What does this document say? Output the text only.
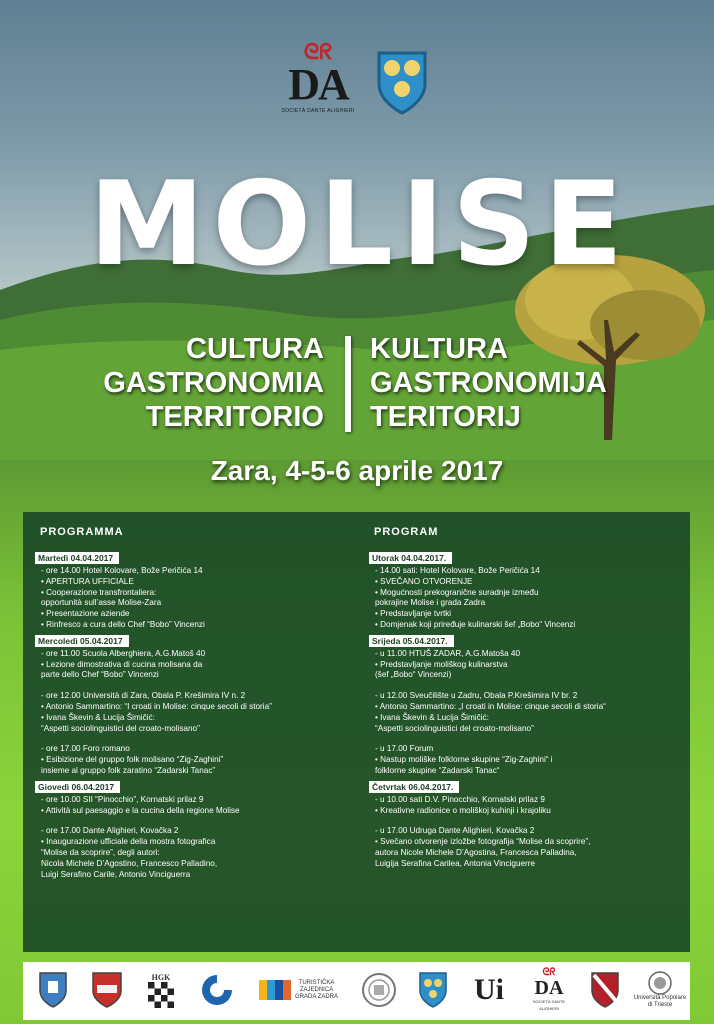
ᘓᖇ
DA
SOCIETÀ DANTE ALIGHIERI
MOLISE
CULTURA
GASTRONOMIA
TERRITORIO
KULTURA
GASTRONOMIJA
TERITORIJ
Zara, 4-5-6 aprile 2017
PROGRAMMA
Martedì 04.04.2017
- ore 14.00 Hotel Kolovare, Bože Peričića 14
• APERTURA UFFICIALE
• Cooperazione transfrontaliera:
opportunità sull’asse Molise-Zara
• Presentazione aziende
• Rinfresco a cura dello Chef “Bobo” Vincenzi
Mercoledì 05.04.2017
- ore 11.00 Scuola Alberghiera, A.G.Matoš 40
• Lezione dimostrativa di cucina molisana da
parte dello Chef “Bobo” Vincenzi
- ore 12.00 Università di Zara, Obala P. Krešimira IV n. 2
• Antonio Sammartino: “I croati in Molise: cinque secoli di storia”
• Ivana Škevin & Lucija Šimičić:
“Aspetti sociolinguistici del croato-molisano”
- ore 17.00 Foro romano
• Esibizione del gruppo folk molisano “Zig-Zaghini”
insieme al gruppo folk zaratino “Zadarski Tanac”
Giovedì 06.04.2017
- ore 10.00 SII “Pinocchio”, Kornatski prilaz 9
• Attività sul paesaggio e la cucina della regione Molise
- ore 17.00 Dante Alighieri, Kovačka 2
• Inaugurazione ufficiale della mostra fotografica
“Molise da scoprire”, degli autori:
Nicola Michele D’Agostino, Francesco Palladino,
Luigi Serafino Carile, Antonio Vinciguerra
PROGRAM
Utorak 04.04.2017.
- 14.00 sati: Hotel Kolovare, Bože Peričića 14
• SVEČANO OTVORENJE
• Mogućnosti prekogranične suradnje između
pokrajine Molise i grada Zadra
• Predstavljanje tvrtki
• Domjenak koji priređuje kulinarski šef „Bobo“ Vincenzi
Srijeda 05.04.2017.
- u 11.00 HTUŠ ZADAR, A.G.Matoša 40
• Predstavljanje moliškog kulinarstva
(šef „Bobo“ Vincenzi)
- u 12.00 Sveučilište u Zadru, Obala P.Krešimira IV br. 2
• Antonio Sammartino: „I croati in Molise: cinque secoli di storia“
• Ivana Škevin & Lucija Šimičić:
“Aspetti sociolinguistici del croato-molisano”
- u 17.00 Forum
• Nastup moliške folklorne skupine “Zig-Zaghini“ i
folklorne skupine “Zadarski Tanac“
Četvrtak 06.04.2017.
- u 10.00 sati D.V. Pinocchio, Kornatski prilaz 9
• Kreativne radionice o moliškoj kuhinji i krajoliku
- u 17.00 Udruga Dante Alighieri, Kovačka 2
• Svečano otvorenje izložbe fotografija “Molise da scoprire”,
autora Nicole Michele D’Agostina, Francesca Palladina,
Luigija Serafina Carilea, Antonia Vinciguerre
HGK
TURISTIČKA
ZAJEDNICA
GRADA ZADRA	Ui
ᘓᖇ
DA
SOCIETÀ DANTE ALIGHIERI
Università Popolare
di Trieste
